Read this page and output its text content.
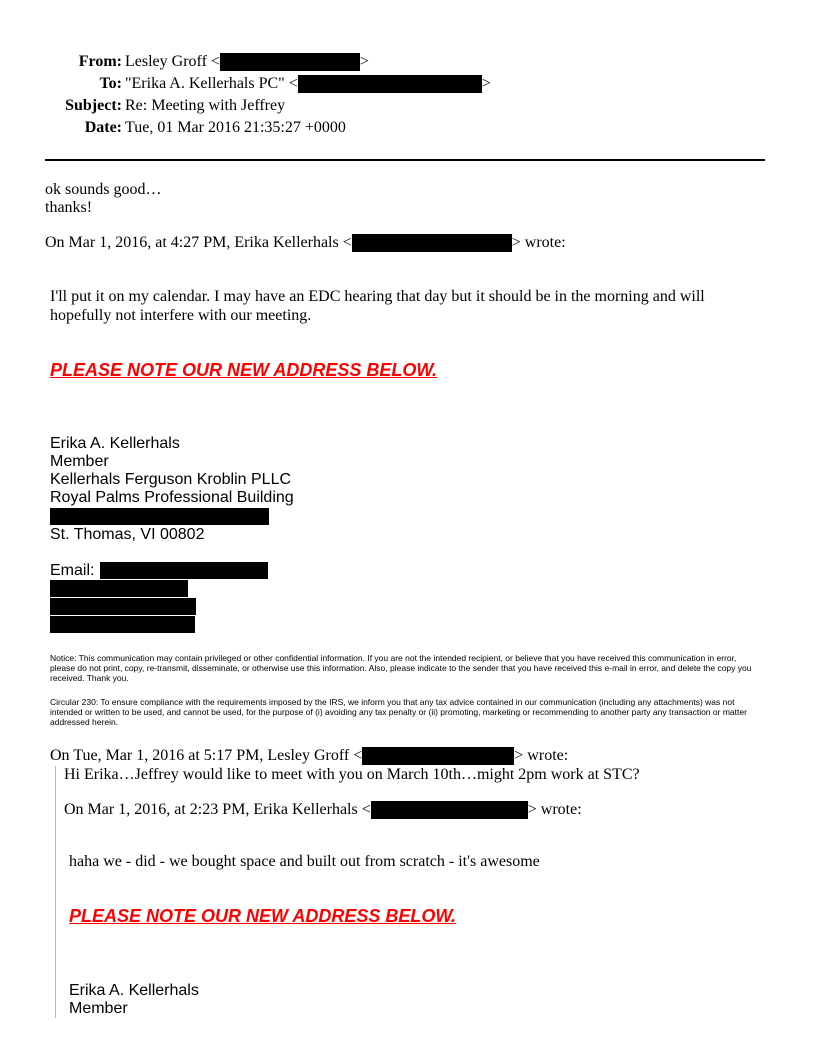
From: Lesley Groff <	>
To: "Erika A. Kellerhals PC" <	>
Subject: Re: Meeting with Jeffrey
Date: Tue, 01 Mar 2016 21:35:27 +0000
ok sounds good…
thanks!
On Mar 1, 2016, at 4:27 PM, Erika Kellerhals <	> wrote:
I'll put it on my calendar. I may have an EDC hearing that day but it should be in the morning and will
hopefully not interfere with our meeting.
PLEASE NOTE OUR NEW ADDRESS BELOW.
Erika A. Kellerhals
Member
Kellerhals Ferguson Kroblin PLLC
Royal Palms Professional Building
St. Thomas, VI 00802
Email:
Notice: This communication may contain privileged or other confidential information. If you are not the intended recipient, or believe that you have received this communication in error, please do not print, copy, re-transmit, disseminate, or otherwise use this information. Also, please indicate to the sender that you have received this e-mail in error, and delete the copy you received. Thank you.
Circular 230: To ensure compliance with the requirements imposed by the IRS, we inform you that any tax advice contained in our communication (including any attachments) was not intended or written to be used, and cannot be used, for the purpose of (i) avoiding any tax penalty or (ii) promoting, marketing or recommending to another party any transaction or matter addressed herein.
On Tue, Mar 1, 2016 at 5:17 PM, Lesley Groff <	> wrote:
Hi Erika…Jeffrey would like to meet with you on March 10th…might 2pm work at STC?
On Mar 1, 2016, at 2:23 PM, Erika Kellerhals <	> wrote:
haha we - did - we bought space and built out from scratch - it's awesome
PLEASE NOTE OUR NEW ADDRESS BELOW.
Erika A. Kellerhals
Member
